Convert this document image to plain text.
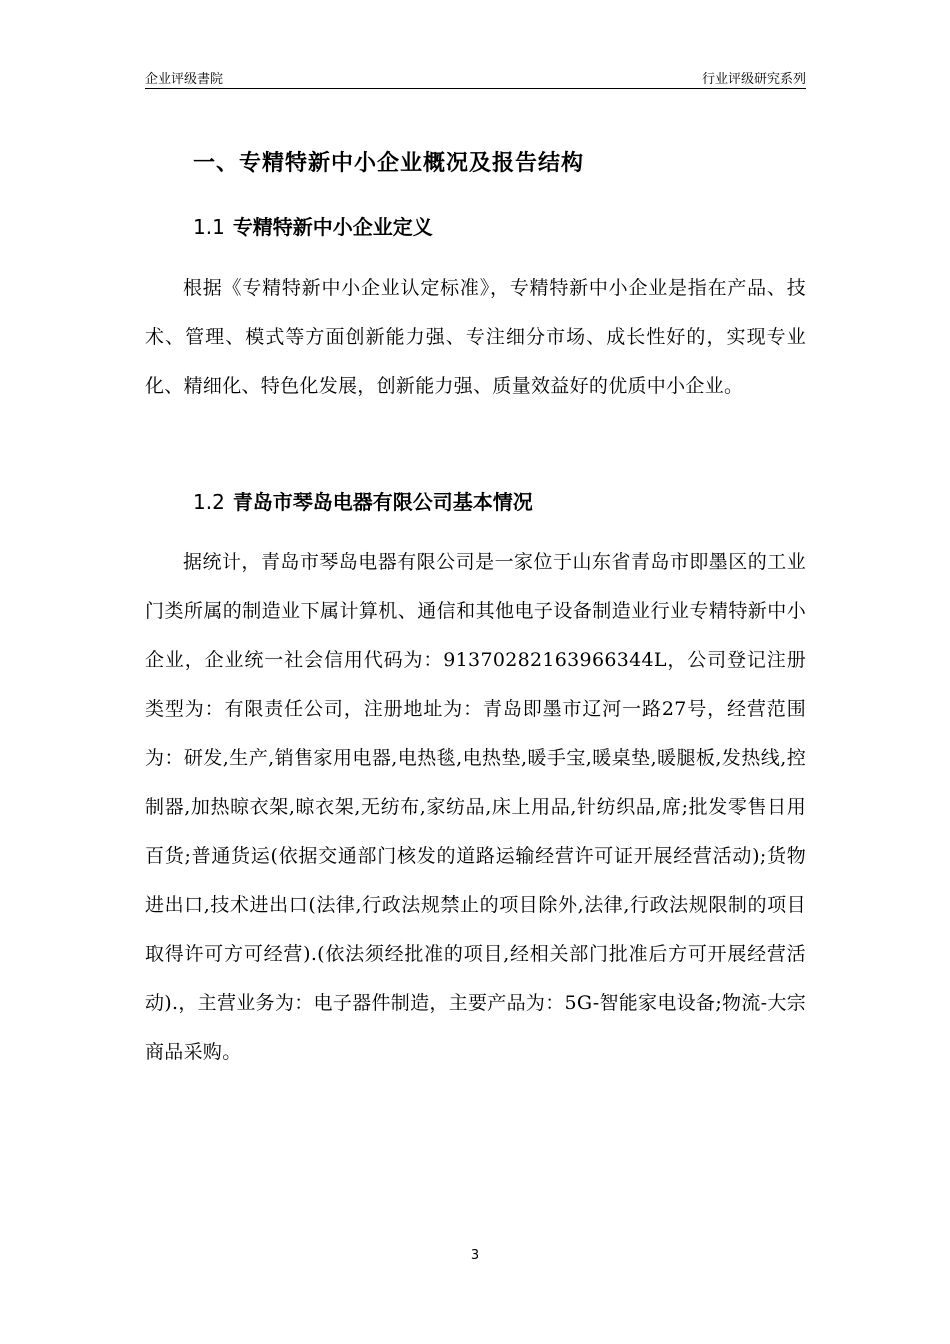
企业评级書院	行业评级研究系列
一、专精特新中小企业概况及报告结构
1.1 专精特新中小企业定义

根据《专精特新中小企业认定标准》，专精特新中小企业是指在产品、技术、管理、模式等方面创新能力强、专注细分市场、成长性好的，实现专业化、精细化、特色化发展，创新能力强、质量效益好的优质中小企业。

1.2 青岛市琴岛电器有限公司基本情况

据统计，青岛市琴岛电器有限公司是一家位于山东省青岛市即墨区的工业门类所属的制造业下属计算机、通信和其他电子设备制造业行业专精特新中小企业，企业统一社会信用代码为：91370282163966344L，公司登记注册类型为：有限责任公司，注册地址为：青岛即墨市辽河一路27号，经营范围为：研发,生产,销售家用电器,电热毯,电热垫,暖手宝,暖桌垫,暖腿板,发热线,控制器,加热晾衣架,晾衣架,无纺布,家纺品,床上用品,针纺织品,席;批发零售日用百货;普通货运(依据交通部门核发的道路运输经营许可证开展经营活动);货物进出口,技术进出口(法律,行政法规禁止的项目除外,法律,行政法规限制的项目取得许可方可经营).(依法须经批准的项目,经相关部门批准后方可开展经营活动).，主营业务为：电子器件制造，主要产品为：5G-智能家电设备;物流-大宗商品采购。

3
